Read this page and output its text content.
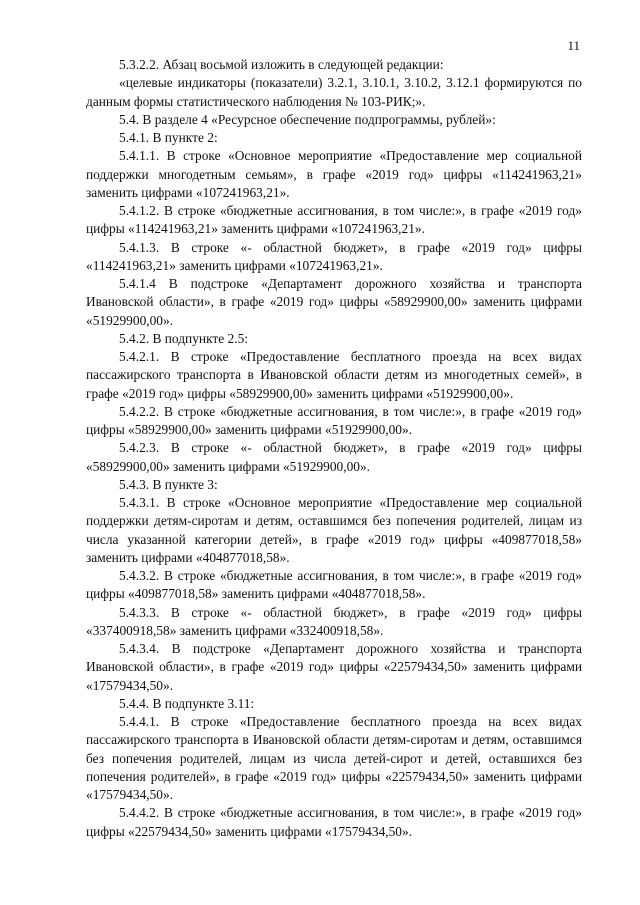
11

5.3.2.2. Абзац восьмой изложить в следующей редакции:

«целевые индикаторы (показатели) 3.2.1, 3.10.1, 3.10.2, 3.12.1 формируются по данным формы статистического наблюдения № 103-РИК;».

5.4. В разделе 4 «Ресурсное обеспечение подпрограммы, рублей»:

5.4.1. В пункте 2:

5.4.1.1. В строке «Основное мероприятие «Предоставление мер социальной поддержки многодетным семьям», в графе «2019 год» цифры «114241963,21» заменить цифрами «107241963,21».

5.4.1.2. В строке «бюджетные ассигнования, в том числе:», в графе «2019 год» цифры «114241963,21» заменить цифрами «107241963,21».

5.4.1.3. В строке «- областной бюджет», в графе «2019 год» цифры «114241963,21» заменить цифрами «107241963,21».

5.4.1.4 В подстроке «Департамент дорожного хозяйства и транспорта Ивановской области», в графе «2019 год» цифры «58929900,00» заменить цифрами «51929900,00».

5.4.2. В подпункте 2.5:

5.4.2.1. В строке «Предоставление бесплатного проезда на всех видах пассажирского транспорта в Ивановской области детям из многодетных семей», в графе «2019 год» цифры «58929900,00» заменить цифрами «51929900,00».

5.4.2.2. В строке «бюджетные ассигнования, в том числе:», в графе «2019 год» цифры «58929900,00» заменить цифрами «51929900,00».

5.4.2.3. В строке «- областной бюджет», в графе «2019 год» цифры «58929900,00» заменить цифрами «51929900,00».

5.4.3. В пункте 3:

5.4.3.1. В строке «Основное мероприятие «Предоставление мер социальной поддержки детям-сиротам и детям, оставшимся без попечения родителей, лицам из числа указанной категории детей», в графе «2019 год» цифры «409877018,58» заменить цифрами «404877018,58».

5.4.3.2. В строке «бюджетные ассигнования, в том числе:», в графе «2019 год» цифры «409877018,58» заменить цифрами «404877018,58».

5.4.3.3. В строке «- областной бюджет», в графе «2019 год» цифры «337400918,58» заменить цифрами «332400918,58».

5.4.3.4. В подстроке «Департамент дорожного хозяйства и транспорта Ивановской области», в графе «2019 год» цифры «22579434,50» заменить цифрами «17579434,50».

5.4.4. В подпункте 3.11:

5.4.4.1. В строке «Предоставление бесплатного проезда на всех видах пассажирского транспорта в Ивановской области детям-сиротам и детям, оставшимся без попечения родителей, лицам из числа детей-сирот и детей, оставшихся без попечения родителей», в графе «2019 год» цифры «22579434,50» заменить цифрами «17579434,50».

5.4.4.2. В строке «бюджетные ассигнования, в том числе:», в графе «2019 год» цифры «22579434,50» заменить цифрами «17579434,50».
